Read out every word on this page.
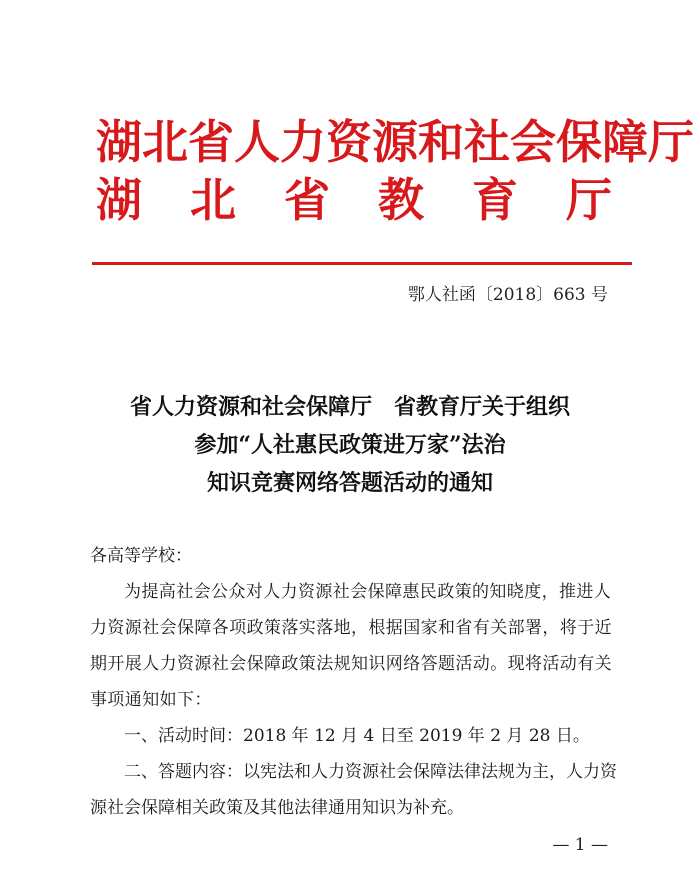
湖北省人力资源和社会保障厅
湖 北 省 教 育 厅
鄂人社函〔2018〕663 号
省人力资源和社会保障厅　省教育厅关于组织
参加“人社惠民政策进万家”法治
知识竞赛网络答题活动的通知
各高等学校：
为提高社会公众对人力资源社会保障惠民政策的知晓度，推进人力资源社会保障各项政策落实落地，根据国家和省有关部署，将于近期开展人力资源社会保障政策法规知识网络答题活动。现将活动有关事项通知如下：
一、活动时间：2018 年 12 月 4 日至 2019 年 2 月 28 日。
二、答题内容：以宪法和人力资源社会保障法律法规为主，人力资源社会保障相关政策及其他法律通用知识为补充。
— 1 —
